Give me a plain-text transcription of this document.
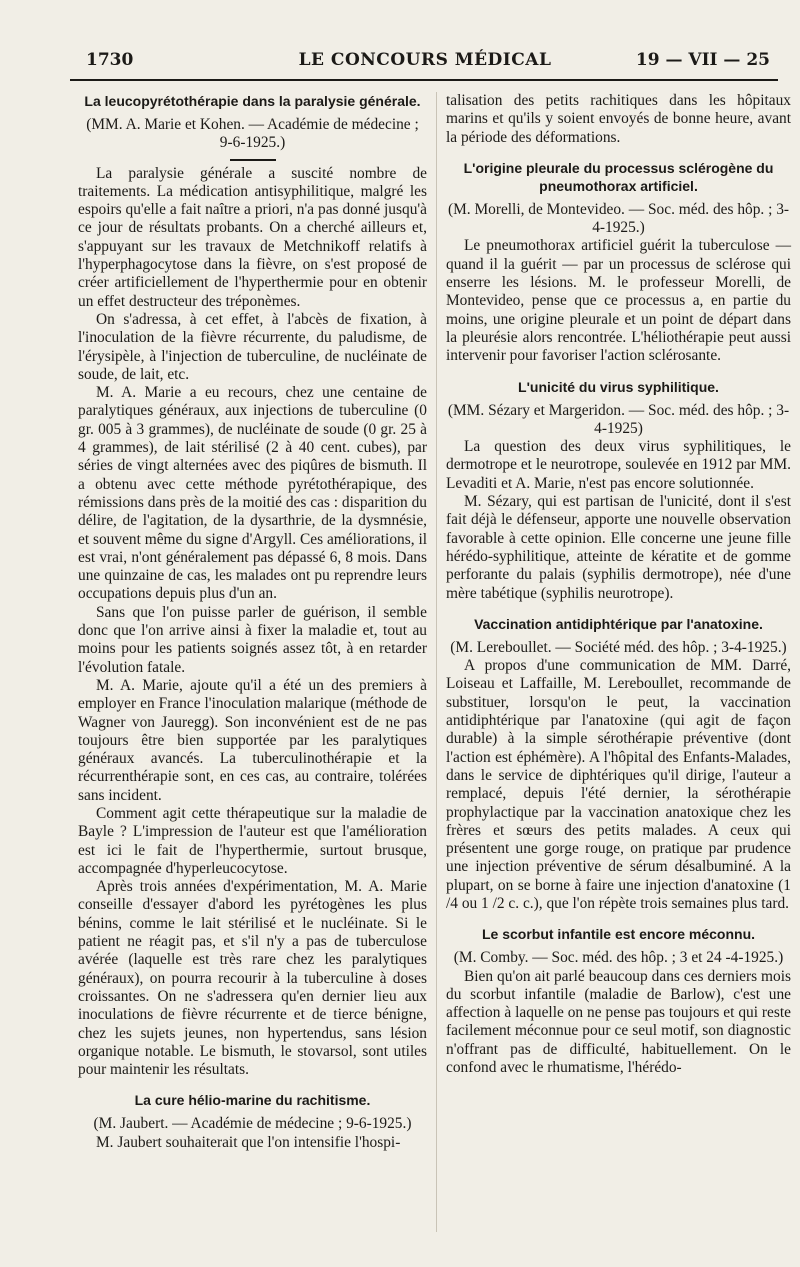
1730	LE CONCOURS MÉDICAL	19 — VII — 25

La leucopyrétothérapie dans la paralysie générale.

(MM. A. Marie et Kohen. — Académie de médecine ; 9-6-1925.)

La paralysie générale a suscité nombre de traitements. La médication antisyphilitique, malgré les espoirs qu'elle a fait naître a priori, n'a pas donné jusqu'à ce jour de résultats probants. On a cherché ailleurs et, s'appuyant sur les travaux de Metchnikoff relatifs à l'hyperphagocytose dans la fièvre, on s'est proposé de créer artificiellement de l'hyperthermie pour en obtenir un effet destructeur des tréponèmes.

On s'adressa, à cet effet, à l'abcès de fixation, à l'inoculation de la fièvre récurrente, du paludisme, de l'érysipèle, à l'injection de tuberculine, de nucléinate de soude, de lait, etc.

M. A. Marie a eu recours, chez une centaine de paralytiques généraux, aux injections de tuberculine (0 gr. 005 à 3 grammes), de nucléinate de soude (0 gr. 25 à 4 grammes), de lait stérilisé (2 à 40 cent. cubes), par séries de vingt alternées avec des piqûres de bismuth. Il a obtenu avec cette méthode pyrétothérapique, des rémissions dans près de la moitié des cas : disparition du délire, de l'agitation, de la dysarthrie, de la dysmnésie, et souvent même du signe d'Argyll. Ces améliorations, il est vrai, n'ont généralement pas dépassé 6, 8 mois. Dans une quinzaine de cas, les malades ont pu reprendre leurs occupations depuis plus d'un an.

Sans que l'on puisse parler de guérison, il semble donc que l'on arrive ainsi à fixer la maladie et, tout au moins pour les patients soignés assez tôt, à en retarder l'évolution fatale.

M. A. Marie, ajoute qu'il a été un des premiers à employer en France l'inoculation malarique (méthode de Wagner von Jauregg). Son inconvénient est de ne pas toujours être bien supportée par les paralytiques généraux avancés. La tuberculinothérapie et la récurrenthérapie sont, en ces cas, au contraire, tolérées sans incident.

Comment agit cette thérapeutique sur la maladie de Bayle ? L'impression de l'auteur est que l'amélioration est ici le fait de l'hyperthermie, surtout brusque, accompagnée d'hyperleucocytose.

Après trois années d'expérimentation, M. A. Marie conseille d'essayer d'abord les pyrétogènes les plus bénins, comme le lait stérilisé et le nucléinate. Si le patient ne réagit pas, et s'il n'y a pas de tuberculose avérée (laquelle est très rare chez les paralytiques généraux), on pourra recourir à la tuberculine à doses croissantes. On ne s'adressera qu'en dernier lieu aux inoculations de fièvre récurrente et de tierce bénigne, chez les sujets jeunes, non hypertendus, sans lésion organique notable. Le bismuth, le stovarsol, sont utiles pour maintenir les résultats.

La cure hélio-marine du rachitisme.

(M. Jaubert. — Académie de médecine ; 9-6-1925.)

M. Jaubert souhaiterait que l'on intensifie l'hospi-

talisation des petits rachitiques dans les hôpitaux marins et qu'ils y soient envoyés de bonne heure, avant la période des déformations.

L'origine pleurale du processus sclérogène du pneumothorax artificiel.

(M. Morelli, de Montevideo. — Soc. méd. des hôp. ; 3-4-1925.)

Le pneumothorax artificiel guérit la tuberculose — quand il la guérit — par un processus de sclérose qui enserre les lésions. M. le professeur Morelli, de Montevideo, pense que ce processus a, en partie du moins, une origine pleurale et un point de départ dans la pleurésie alors rencontrée. L'héliothérapie peut aussi intervenir pour favoriser l'action sclérosante.

L'unicité du virus syphilitique.

(MM. Sézary et Margeridon. — Soc. méd. des hôp. ; 3-4-1925)

La question des deux virus syphilitiques, le dermotrope et le neurotrope, soulevée en 1912 par MM. Levaditi et A. Marie, n'est pas encore solutionnée.

M. Sézary, qui est partisan de l'unicité, dont il s'est fait déjà le défenseur, apporte une nouvelle observation favorable à cette opinion. Elle concerne une jeune fille hérédo-syphilitique, atteinte de kératite et de gomme perforante du palais (syphilis dermotrope), née d'une mère tabétique (syphilis neurotrope).

Vaccination antidiphtérique par l'anatoxine.

(M. Lereboullet. — Société méd. des hôp. ; 3-4-1925.)

A propos d'une communication de MM. Darré, Loiseau et Laffaille, M. Lereboullet, recommande de substituer, lorsqu'on le peut, la vaccination antidiphtérique par l'anatoxine (qui agit de façon durable) à la simple sérothérapie préventive (dont l'action est éphémère). A l'hôpital des Enfants-Malades, dans le service de diphtériques qu'il dirige, l'auteur a remplacé, depuis l'été dernier, la sérothérapie prophylactique par la vaccination anatoxique chez les frères et sœurs des petits malades. A ceux qui présentent une gorge rouge, on pratique par prudence une injection préventive de sérum désalbuminé. A la plupart, on se borne à faire une injection d'anatoxine (1 /4 ou 1 /2 c. c.), que l'on répète trois semaines plus tard.

Le scorbut infantile est encore méconnu.

(M. Comby. — Soc. méd. des hôp. ; 3 et 24 -4-1925.)

Bien qu'on ait parlé beaucoup dans ces derniers mois du scorbut infantile (maladie de Barlow), c'est une affection à laquelle on ne pense pas toujours et qui reste facilement méconnue pour ce seul motif, son diagnostic n'offrant pas de difficulté, habituellement. On le confond avec le rhumatisme, l'hérédo-
